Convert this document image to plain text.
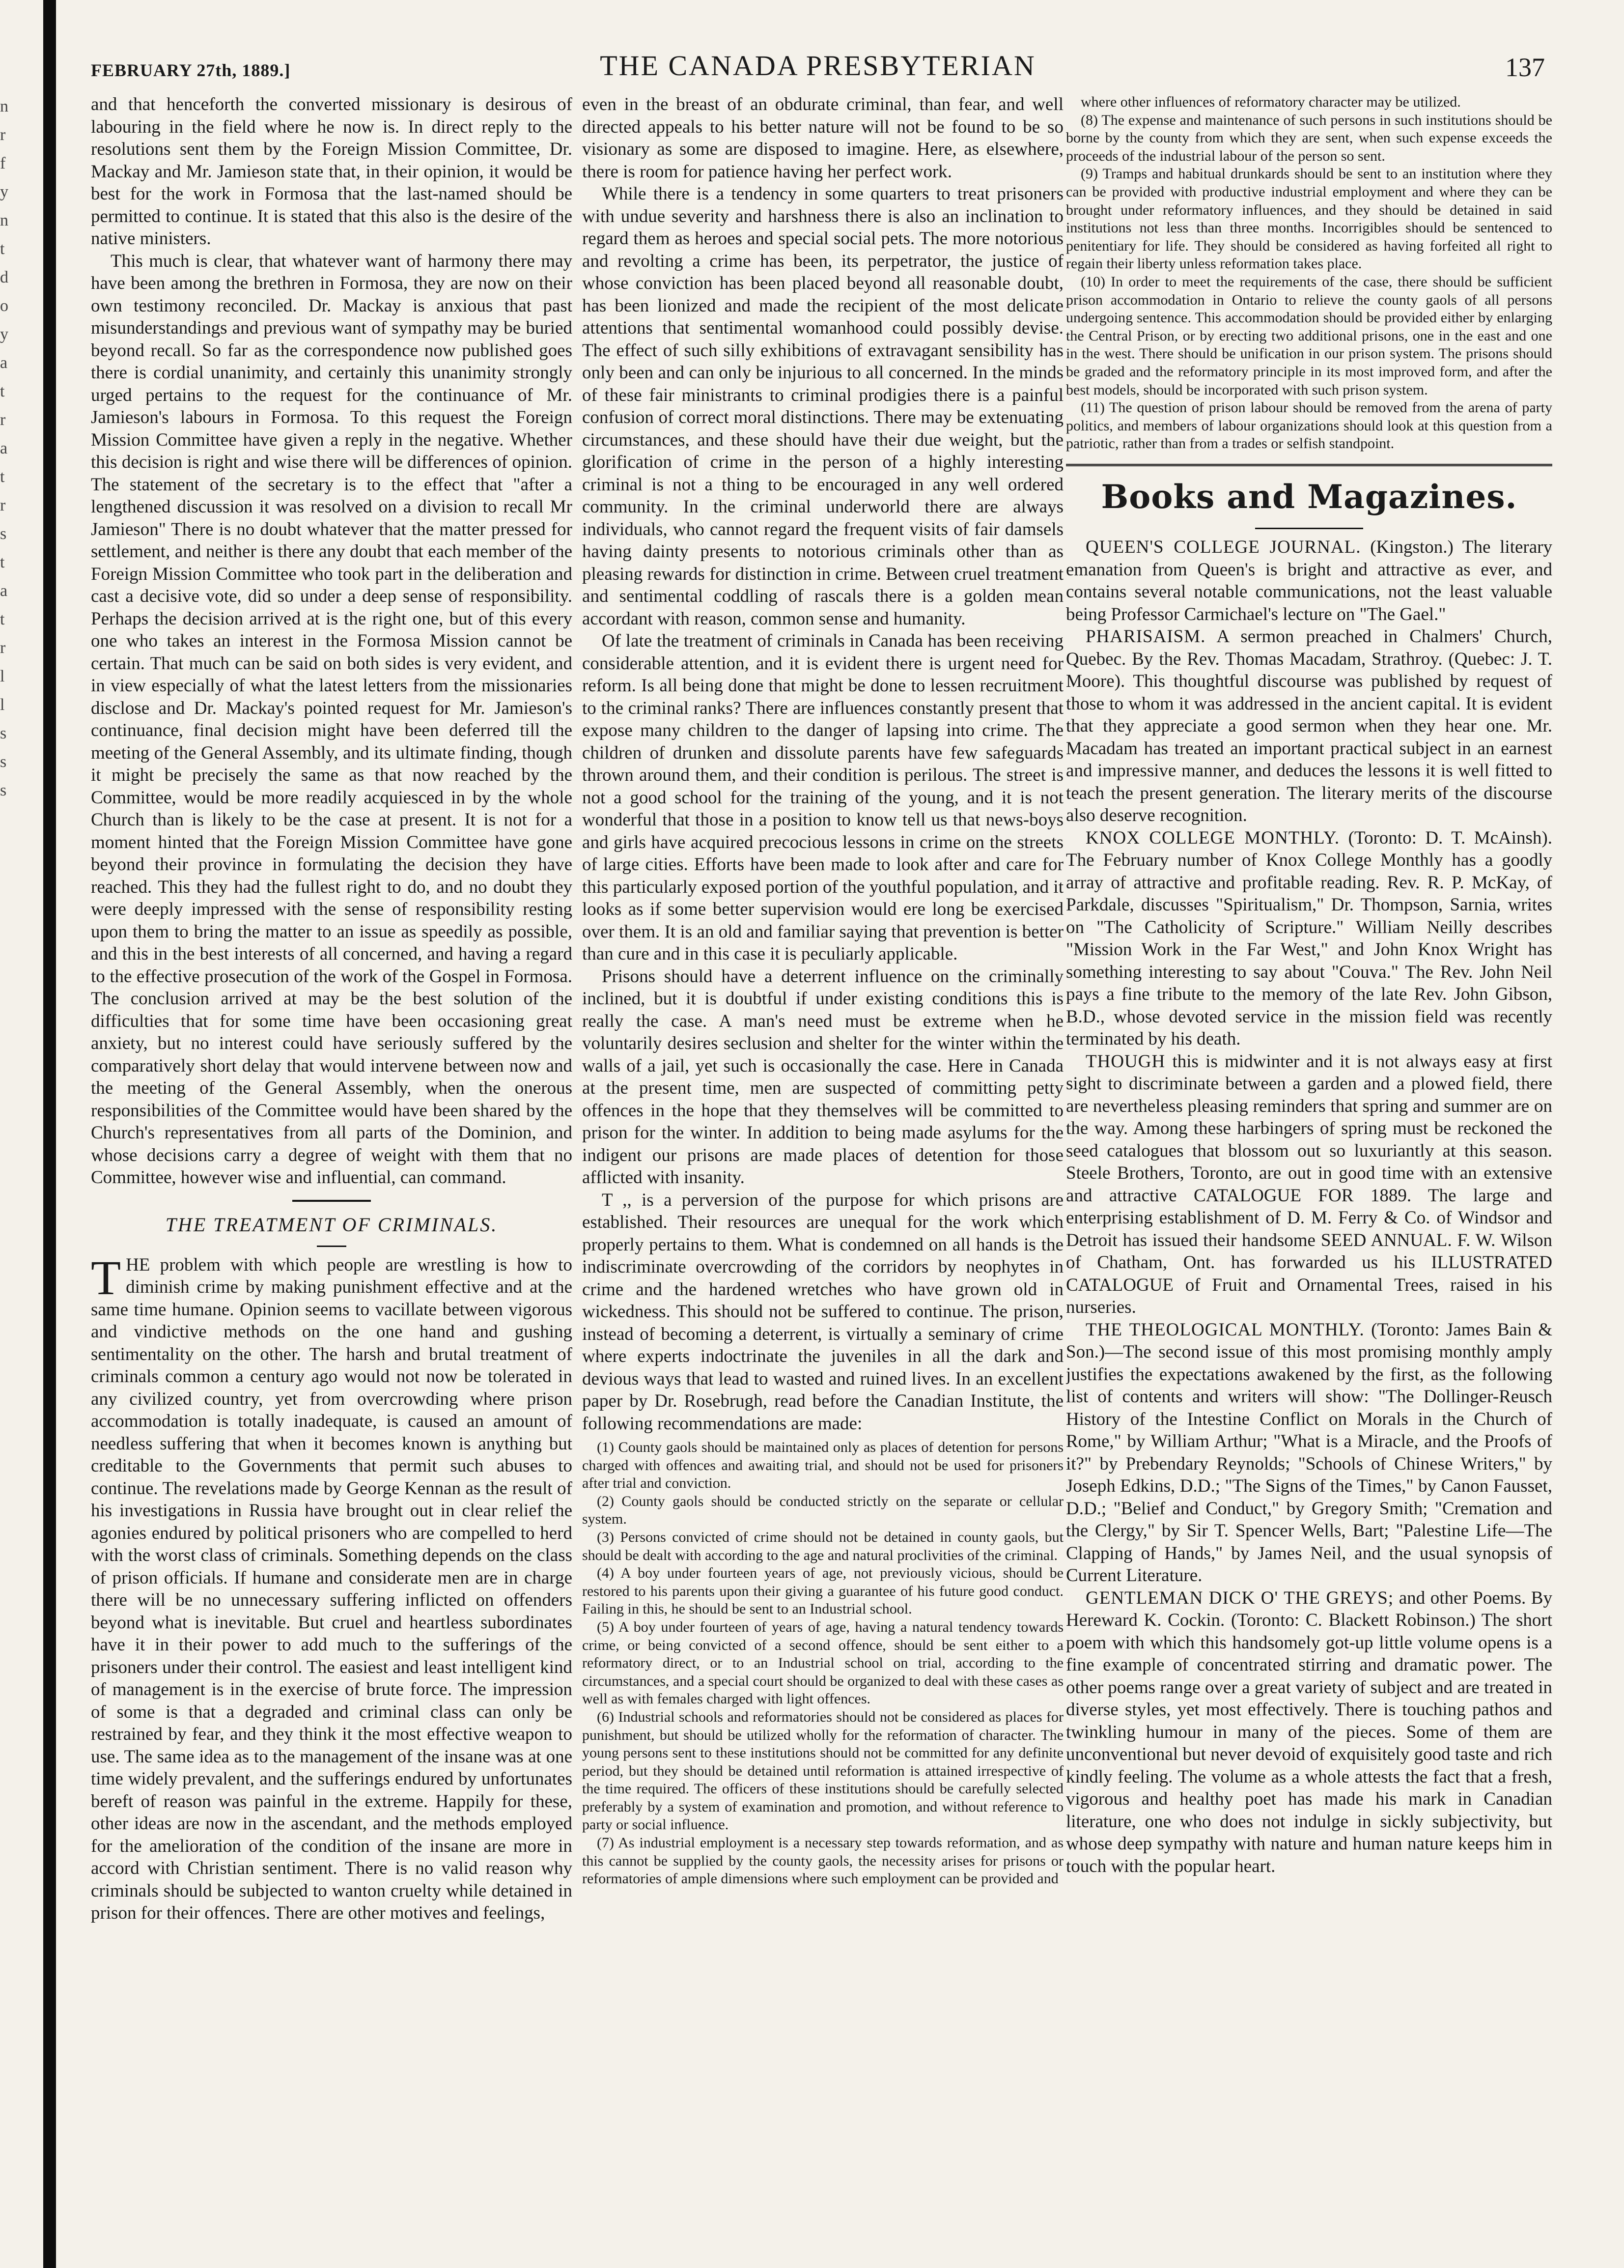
n
r
f
y
n
t
d
o
y
a
t
r
a
t
r
s
t
a
t
r
l
l
s
s
s
FEBRUARY 27th, 1889.]	THE CANADA PRESBYTERIAN	137

and that henceforth the converted missionary is desirous of labouring in the field where he now is. In direct reply to the resolutions sent them by the Foreign Mission Committee, Dr. Mackay and Mr. Jamieson state that, in their opinion, it would be best for the work in Formosa that the last-named should be permitted to continue. It is stated that this also is the desire of the native ministers.

This much is clear, that whatever want of harmony there may have been among the brethren in Formosa, they are now on their own testimony reconciled. Dr. Mackay is anxious that past misunderstandings and previous want of sympathy may be buried beyond recall. So far as the correspondence now published goes there is cordial unanimity, and certainly this unanimity strongly urged pertains to the request for the continuance of Mr. Jamieson's labours in Formosa. To this request the Foreign Mission Committee have given a reply in the negative. Whether this decision is right and wise there will be differences of opinion. The statement of the secretary is to the effect that "after a lengthened discussion it was resolved on a division to recall Mr Jamieson" There is no doubt whatever that the matter pressed for settlement, and neither is there any doubt that each member of the Foreign Mission Committee who took part in the deliberation and cast a decisive vote, did so under a deep sense of responsibility. Perhaps the decision arrived at is the right one, but of this every one who takes an interest in the Formosa Mission cannot be certain. That much can be said on both sides is very evident, and in view especially of what the latest letters from the missionaries disclose and Dr. Mackay's pointed request for Mr. Jamieson's continuance, final decision might have been deferred till the meeting of the General Assembly, and its ultimate finding, though it might be precisely the same as that now reached by the Committee, would be more readily acquiesced in by the whole Church than is likely to be the case at present. It is not for a moment hinted that the Foreign Mission Committee have gone beyond their province in formulating the decision they have reached. This they had the fullest right to do, and no doubt they were deeply impressed with the sense of responsibility resting upon them to bring the matter to an issue as speedily as possible, and this in the best interests of all concerned, and having a regard to the effective prosecution of the work of the Gospel in Formosa. The conclusion arrived at may be the best solution of the difficulties that for some time have been occasioning great anxiety, but no interest could have seriously suffered by the comparatively short delay that would intervene between now and the meeting of the General Assembly, when the onerous responsibilities of the Committee would have been shared by the Church's representatives from all parts of the Dominion, and whose decisions carry a degree of weight with them that no Committee, however wise and influential, can command.

THE TREATMENT OF CRIMINALS.

THE problem with which people are wrestling is how to diminish crime by making punishment effective and at the same time humane. Opinion seems to vacillate between vigorous and vindictive methods on the one hand and gushing sentimentality on the other. The harsh and brutal treatment of criminals common a century ago would not now be tolerated in any civilized country, yet from overcrowding where prison accommodation is totally inadequate, is caused an amount of needless suffering that when it becomes known is anything but creditable to the Governments that permit such abuses to continue. The revelations made by George Kennan as the result of his investigations in Russia have brought out in clear relief the agonies endured by political prisoners who are compelled to herd with the worst class of criminals. Something depends on the class of prison officials. If humane and considerate men are in charge there will be no unnecessary suffering inflicted on offenders beyond what is inevitable. But cruel and heartless subordinates have it in their power to add much to the sufferings of the prisoners under their control. The easiest and least intelligent kind of management is in the exercise of brute force. The impression of some is that a degraded and criminal class can only be restrained by fear, and they think it the most effective weapon to use. The same idea as to the management of the insane was at one time widely prevalent, and the sufferings endured by unfortunates bereft of reason was painful in the extreme. Happily for these, other ideas are now in the ascendant, and the methods employed for the amelioration of the condition of the insane are more in accord with Christian sentiment. There is no valid reason why criminals should be subjected to wanton cruelty while detained in prison for their offences. There are other motives and feelings,

even in the breast of an obdurate criminal, than fear, and well directed appeals to his better nature will not be found to be so visionary as some are disposed to imagine. Here, as elsewhere, there is room for patience having her perfect work.

While there is a tendency in some quarters to treat prisoners with undue severity and harshness there is also an inclination to regard them as heroes and special social pets. The more notorious and revolting a crime has been, its perpetrator, the justice of whose conviction has been placed beyond all reasonable doubt, has been lionized and made the recipient of the most delicate attentions that sentimental womanhood could possibly devise. The effect of such silly exhibitions of extravagant sensibility has only been and can only be injurious to all concerned. In the minds of these fair ministrants to criminal prodigies there is a painful confusion of correct moral distinctions. There may be extenuating circumstances, and these should have their due weight, but the glorification of crime in the person of a highly interesting criminal is not a thing to be encouraged in any well ordered community. In the criminal underworld there are always individuals, who cannot regard the frequent visits of fair damsels having dainty presents to notorious criminals other than as pleasing rewards for distinction in crime. Between cruel treatment and sentimental coddling of rascals there is a golden mean accordant with reason, common sense and humanity.

Of late the treatment of criminals in Canada has been receiving considerable attention, and it is evident there is urgent need for reform. Is all being done that might be done to lessen recruitment to the criminal ranks? There are influences constantly present that expose many children to the danger of lapsing into crime. The children of drunken and dissolute parents have few safeguards thrown around them, and their condition is perilous. The street is not a good school for the training of the young, and it is not wonderful that those in a position to know tell us that news-boys and girls have acquired precocious lessons in crime on the streets of large cities. Efforts have been made to look after and care for this particularly exposed portion of the youthful population, and it looks as if some better supervision would ere long be exercised over them. It is an old and familiar saying that prevention is better than cure and in this case it is peculiarly applicable.

Prisons should have a deterrent influence on the criminally inclined, but it is doubtful if under existing conditions this is really the case. A man's need must be extreme when he voluntarily desires seclusion and shelter for the winter within the walls of a jail, yet such is occasionally the case. Here in Canada at the present time, men are suspected of committing petty offences in the hope that they themselves will be committed to prison for the winter. In addition to being made asylums for the indigent our prisons are made places of detention for those afflicted with insanity.

T ,, is a perversion of the purpose for which prisons are established. Their resources are unequal for the work which properly pertains to them. What is condemned on all hands is the indiscriminate overcrowding of the corridors by neophytes in crime and the hardened wretches who have grown old in wickedness. This should not be suffered to continue. The prison, instead of becoming a deterrent, is virtually a seminary of crime where experts indoctrinate the juveniles in all the dark and devious ways that lead to wasted and ruined lives. In an excellent paper by Dr. Rosebrugh, read before the Canadian Institute, the following recommendations are made:

(1) County gaols should be maintained only as places of detention for persons charged with offences and awaiting trial, and should not be used for prisoners after trial and conviction.

(2) County gaols should be conducted strictly on the separate or cellular system.

(3) Persons convicted of crime should not be detained in county gaols, but should be dealt with according to the age and natural proclivities of the criminal.

(4) A boy under fourteen years of age, not previously vicious, should be restored to his parents upon their giving a guarantee of his future good conduct. Failing in this, he should be sent to an Industrial school.

(5) A boy under fourteen of years of age, having a natural tendency towards crime, or being convicted of a second offence, should be sent either to a reformatory direct, or to an Industrial school on trial, according to the circumstances, and a special court should be organized to deal with these cases as well as with females charged with light offences.

(6) Industrial schools and reformatories should not be considered as places for punishment, but should be utilized wholly for the reformation of character. The young persons sent to these institutions should not be committed for any definite period, but they should be detained until reformation is attained irrespective of the time required. The officers of these institutions should be carefully selected preferably by a system of examination and promotion, and without reference to party or social influence.

(7) As industrial employment is a necessary step towards reformation, and as this cannot be supplied by the county gaols, the necessity arises for prisons or reformatories of ample dimensions where such employment can be provided and

where other influences of reformatory character may be utilized.

(8) The expense and maintenance of such persons in such institutions should be borne by the county from which they are sent, when such expense exceeds the proceeds of the industrial labour of the person so sent.

(9) Tramps and habitual drunkards should be sent to an institution where they can be provided with productive industrial employment and where they can be brought under reformatory influences, and they should be detained in said institutions not less than three months. Incorrigibles should be sentenced to penitentiary for life. They should be considered as having forfeited all right to regain their liberty unless reformation takes place.

(10) In order to meet the requirements of the case, there should be sufficient prison accommodation in Ontario to relieve the county gaols of all persons undergoing sentence. This accommodation should be provided either by enlarging the Central Prison, or by erecting two additional prisons, one in the east and one in the west. There should be unification in our prison system. The prisons should be graded and the reformatory principle in its most improved form, and after the best models, should be incorporated with such prison system.

(11) The question of prison labour should be removed from the arena of party politics, and members of labour organizations should look at this question from a patriotic, rather than from a trades or selfish standpoint.

Books and Magazines.

QUEEN'S COLLEGE JOURNAL. (Kingston.) The literary emanation from Queen's is bright and attractive as ever, and contains several notable communications, not the least valuable being Professor Carmichael's lecture on "The Gael."

PHARISAISM. A sermon preached in Chalmers' Church, Quebec. By the Rev. Thomas Macadam, Strathroy. (Quebec: J. T. Moore). This thoughtful discourse was published by request of those to whom it was addressed in the ancient capital. It is evident that they appreciate a good sermon when they hear one. Mr. Macadam has treated an important practical subject in an earnest and impressive manner, and deduces the lessons it is well fitted to teach the present generation. The literary merits of the discourse also deserve recognition.

KNOX COLLEGE MONTHLY. (Toronto: D. T. McAinsh). The February number of Knox College Monthly has a goodly array of attractive and profitable reading. Rev. R. P. McKay, of Parkdale, discusses "Spiritualism," Dr. Thompson, Sarnia, writes on "The Catholicity of Scripture." William Neilly describes "Mission Work in the Far West," and John Knox Wright has something interesting to say about "Couva." The Rev. John Neil pays a fine tribute to the memory of the late Rev. John Gibson, B.D., whose devoted service in the mission field was recently terminated by his death.

THOUGH this is midwinter and it is not always easy at first sight to discriminate between a garden and a plowed field, there are nevertheless pleasing reminders that spring and summer are on the way. Among these harbingers of spring must be reckoned the seed catalogues that blossom out so luxuriantly at this season. Steele Brothers, Toronto, are out in good time with an extensive and attractive CATALOGUE FOR 1889. The large and enterprising establishment of D. M. Ferry & Co. of Windsor and Detroit has issued their handsome SEED ANNUAL. F. W. Wilson of Chatham, Ont. has forwarded us his ILLUSTRATED CATALOGUE of Fruit and Ornamental Trees, raised in his nurseries.

THE THEOLOGICAL MONTHLY. (Toronto: James Bain & Son.)—The second issue of this most promising monthly amply justifies the expectations awakened by the first, as the following list of contents and writers will show: "The Dollinger-Reusch History of the Intestine Conflict on Morals in the Church of Rome," by William Arthur; "What is a Miracle, and the Proofs of it?" by Prebendary Reynolds; "Schools of Chinese Writers," by Joseph Edkins, D.D.; "The Signs of the Times," by Canon Fausset, D.D.; "Belief and Conduct," by Gregory Smith; "Cremation and the Clergy," by Sir T. Spencer Wells, Bart; "Palestine Life—The Clapping of Hands," by James Neil, and the usual synopsis of Current Literature.

GENTLEMAN DICK O' THE GREYS; and other Poems. By Hereward K. Cockin. (Toronto: C. Blackett Robinson.) The short poem with which this handsomely got-up little volume opens is a fine example of concentrated stirring and dramatic power. The other poems range over a great variety of subject and are treated in diverse styles, yet most effectively. There is touching pathos and twinkling humour in many of the pieces. Some of them are unconventional but never devoid of exquisitely good taste and rich kindly feeling. The volume as a whole attests the fact that a fresh, vigorous and healthy poet has made his mark in Canadian literature, one who does not indulge in sickly subjectivity, but whose deep sympathy with nature and human nature keeps him in touch with the popular heart.
